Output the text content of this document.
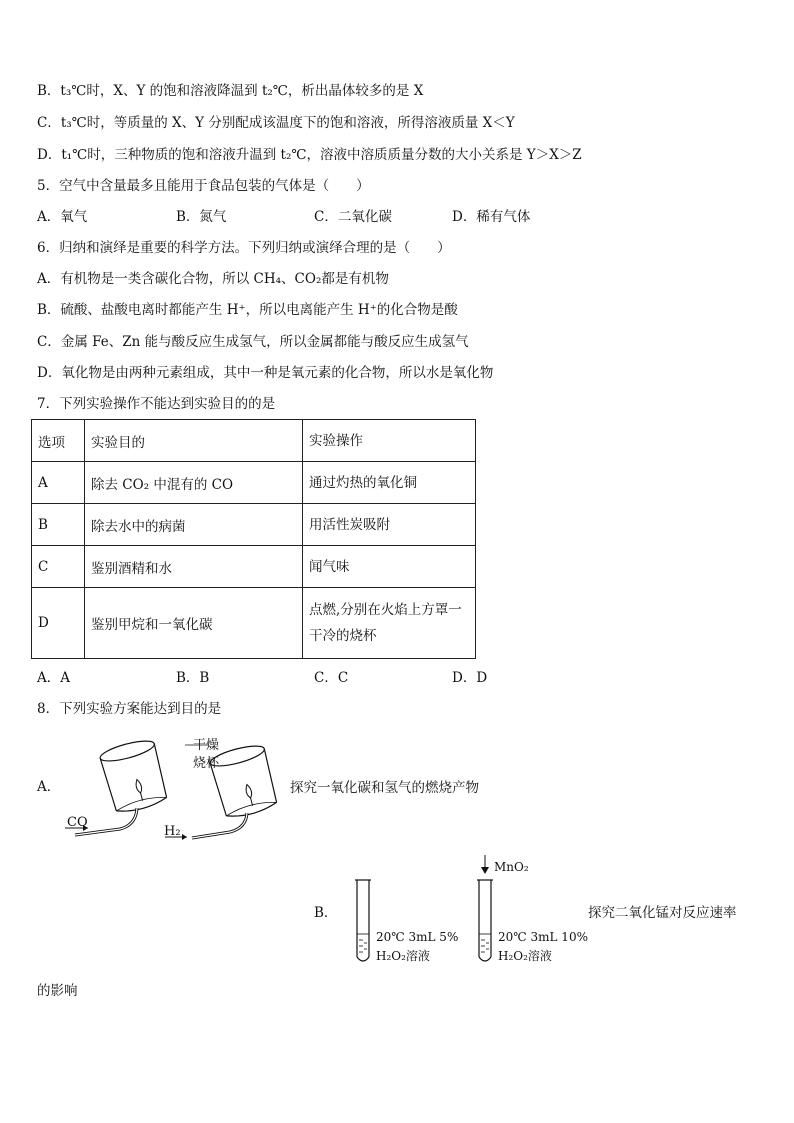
B．t₃℃时，X、Y 的饱和溶液降温到 t₂℃，析出晶体较多的是 X
C．t₃℃时，等质量的 X、Y 分别配成该温度下的饱和溶液，所得溶液质量 X＜Y
D．t₁℃时，三种物质的饱和溶液升温到 t₂℃，溶液中溶质质量分数的大小关系是 Y＞X＞Z
5．空气中含量最多且能用于食品包装的气体是（　　）
A．氧气	B．氮气	C．二氧化碳	D．稀有气体
6．归纳和演绎是重要的科学方法。下列归纳或演绎合理的是（　　）
A．有机物是一类含碳化合物，所以 CH₄、CO₂都是有机物
B．硫酸、盐酸电离时都能产生 H⁺，所以电离能产生 H⁺的化合物是酸
C．金属 Fe、Zn 能与酸反应生成氢气，所以金属都能与酸反应生成氢气
D．氧化物是由两种元素组成，其中一种是氧元素的化合物，所以水是氧化物
7．下列实验操作不能达到实验目的的是
选项	实验目的	实验操作
A	除去 CO₂ 中混有的 CO	通过灼热的氧化铜
B	除去水中的病菌	用活性炭吸附
C	鉴别酒精和水	闻气味
D	鉴别甲烷和一氧化碳	点燃,分别在火焰上方罩一干冷的烧杯
A．A	B．B	C．C	D．D
8．下列实验方案能达到目的是
A．
干燥
烧杯
CO
H₂
探究一氧化碳和氢气的燃烧产物
B．
MnO₂
20℃ 3mL 5%
H₂O₂溶液
20℃ 3mL 10%
H₂O₂溶液
探究二氧化锰对反应速率
的影响
